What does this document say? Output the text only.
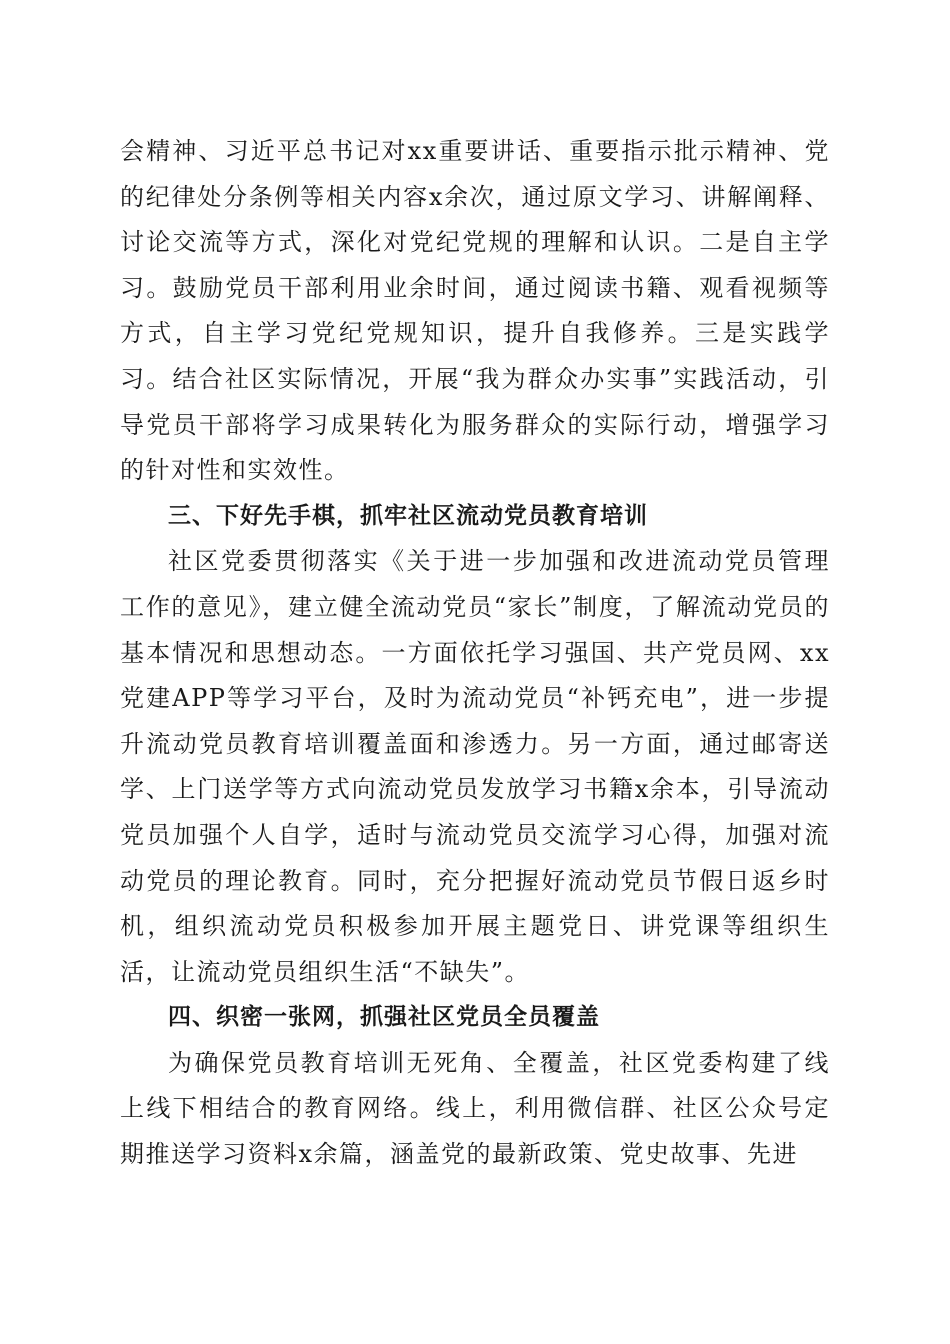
会精神、习近平总书记对xx重要讲话、重要指示批示精神、党的纪律处分条例等相关内容x余次，通过原文学习、讲解阐释、讨论交流等方式，深化对党纪党规的理解和认识。二是自主学习。鼓励党员干部利用业余时间，通过阅读书籍、观看视频等方式，自主学习党纪党规知识，提升自我修养。三是实践学习。结合社区实际情况，开展“我为群众办实事”实践活动，引导党员干部将学习成果转化为服务群众的实际行动，增强学习的针对性和实效性。

三、下好先手棋，抓牢社区流动党员教育培训

社区党委贯彻落实《关于进一步加强和改进流动党员管理工作的意见》，建立健全流动党员“家长”制度，了解流动党员的基本情况和思想动态。一方面依托学习强国、共产党员网、xx党建APP等学习平台，及时为流动党员“补钙充电”，进一步提升流动党员教育培训覆盖面和渗透力。另一方面，通过邮寄送学、上门送学等方式向流动党员发放学习书籍x余本，引导流动党员加强个人自学，适时与流动党员交流学习心得，加强对流动党员的理论教育。同时，充分把握好流动党员节假日返乡时机，组织流动党员积极参加开展主题党日、讲党课等组织生活，让流动党员组织生活“不缺失”。

四、织密一张网，抓强社区党员全员覆盖

为确保党员教育培训无死角、全覆盖，社区党委构建了线上线下相结合的教育网络。线上，利用微信群、社区公众号定期推送学习资料x余篇，涵盖党的最新政策、党史故事、先进
